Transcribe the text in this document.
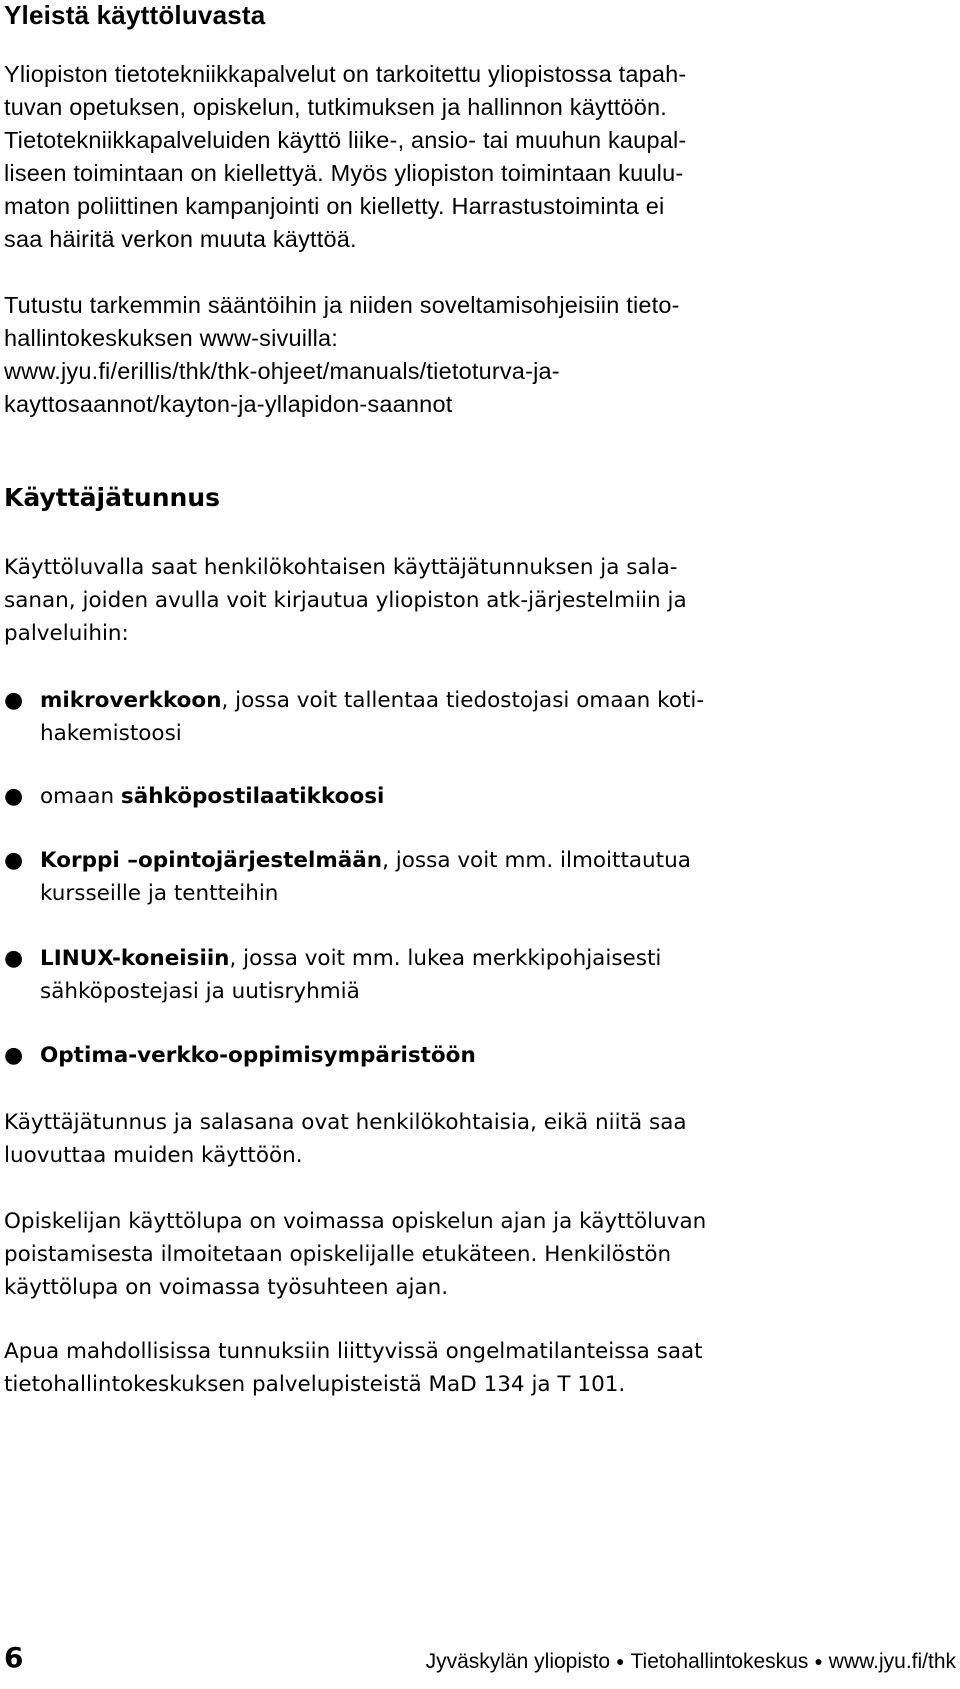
Yleistä käyttöluvasta
Yliopiston tietotekniikkapalvelut on tarkoitettu yliopistossa tapah-
tuvan opetuksen, opiskelun, tutkimuksen ja hallinnon käyttöön.
Tietotekniikkapalveluiden käyttö liike-, ansio- tai muuhun kaupal-
liseen toimintaan on kiellettyä. Myös yliopiston toimintaan kuulu-
maton poliittinen kampanjointi on kielletty. Harrastustoiminta ei
saa häiritä verkon muuta käyttöä.
Tutustu tarkemmin sääntöihin ja niiden soveltamisohjeisiin tieto-
hallintokeskuksen www-sivuilla:
www.jyu.fi/erillis/thk/thk-ohjeet/manuals/tietoturva-ja-
kayttosaannot/kayton-ja-yllapidon-saannot
Käyttäjätunnus
Käyttöluvalla saat henkilökohtaisen käyttäjätunnuksen ja sala-
sanan, joiden avulla voit kirjautua yliopiston atk-järjestelmiin ja
palveluihin:
● mikroverkkoon, jossa voit tallentaa tiedostojasi omaan koti-
hakemistoosi
● omaan sähköpostilaatikkoosi
● Korppi –opintojärjestelmään, jossa voit mm. ilmoittautua
kursseille ja tentteihin
● LINUX-koneisiin, jossa voit mm. lukea merkkipohjaisesti
sähköpostejasi ja uutisryhmiä
● Optima-verkko-oppimisympäristöön
Käyttäjätunnus ja salasana ovat henkilökohtaisia, eikä niitä saa
luovuttaa muiden käyttöön.
Opiskelijan käyttölupa on voimassa opiskelun ajan ja käyttöluvan
poistamisesta ilmoitetaan opiskelijalle etukäteen. Henkilöstön
käyttölupa on voimassa työsuhteen ajan.
Apua mahdollisissa tunnuksiin liittyvissä ongelmatilanteissa saat
tietohallintokeskuksen palvelupisteistä MaD 134 ja T 101.
6	Jyväskylän yliopisto ● Tietohallintokeskus ● www.jyu.fi/thk
